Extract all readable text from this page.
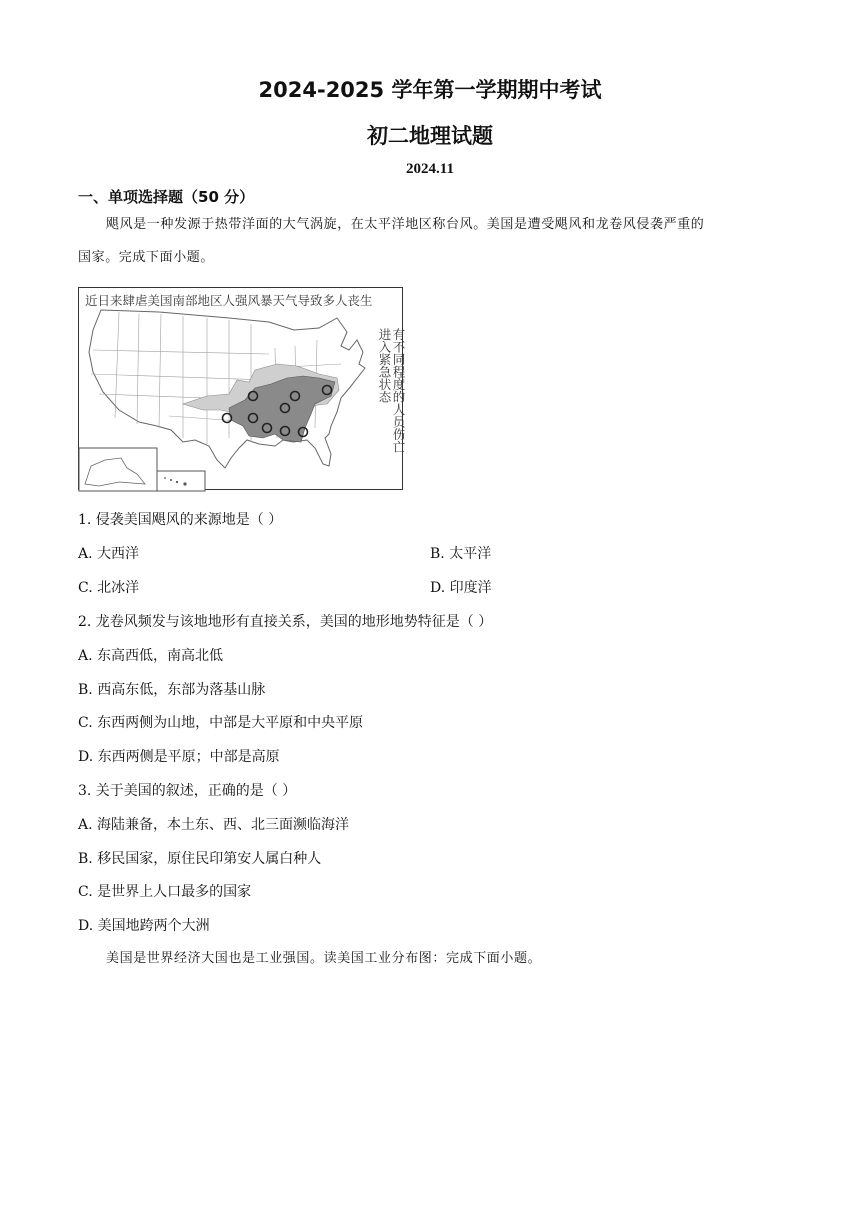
2024-2025 学年第一学期期中考试
初二地理试题
2024.11
一、单项选择题（50 分）
飓风是一种发源于热带洋面的大气涡旋，在太平洋地区称台风。美国是遭受飓风和龙卷风侵袭严重的
国家。完成下面小题。
近日来肆虐美国南部地区人强风暴天气导致多人丧生
进入紧急状态 有不同程度的人员伤亡
1. 侵袭美国飓风的来源地是（ ）
A. 大西洋	B. 太平洋
C. 北冰洋	D. 印度洋
2. 龙卷风频发与该地地形有直接关系，美国的地形地势特征是（ ）
A. 东高西低，南高北低
B. 西高东低，东部为落基山脉
C. 东西两侧为山地，中部是大平原和中央平原
D. 东西两侧是平原；中部是高原
3. 关于美国的叙述，正确的是（ ）
A. 海陆兼备，本土东、西、北三面濒临海洋
B. 移民国家，原住民印第安人属白种人
C. 是世界上人口最多的国家
D. 美国地跨两个大洲
美国是世界经济大国也是工业强国。读美国工业分布图：完成下面小题。
